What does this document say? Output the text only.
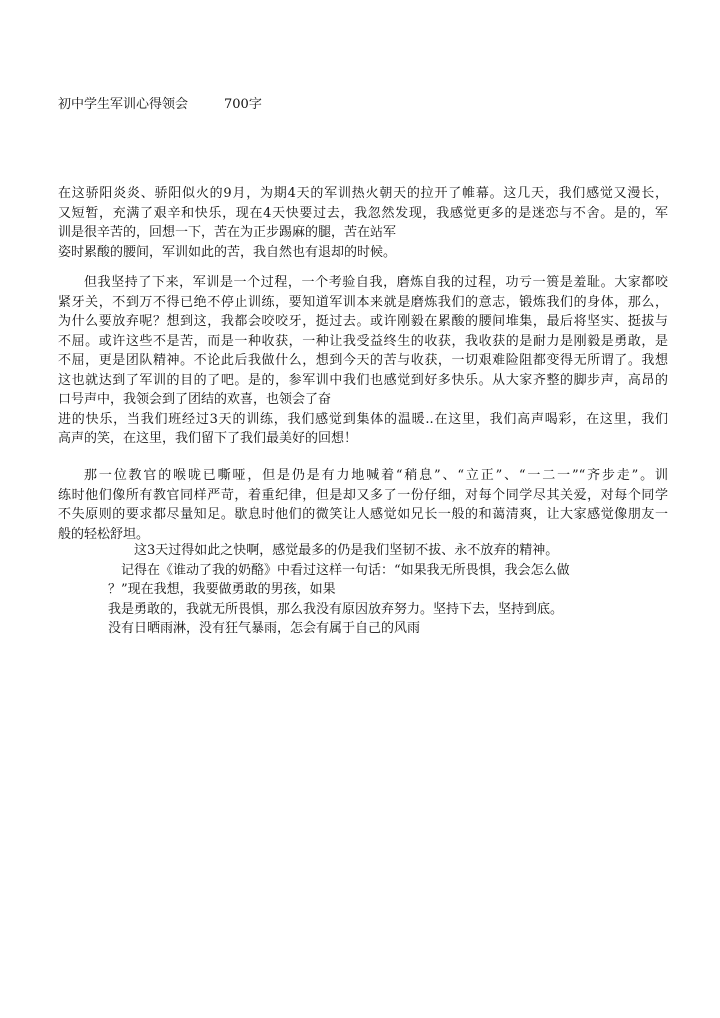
初中学生军训心得领会	700字
在这骄阳炎炎、骄阳似火的9月，为期4天的军训热火朝天的拉开了帷幕。这几天，我们感觉又漫长，
又短暂，充满了艰辛和快乐，现在4天快要过去，我忽然发现，我感觉更多的是迷恋与不舍。是的，军
训是很辛苦的，回想一下，苦在为正步踢麻的腿，苦在站军
姿时累酸的腰间，军训如此的苦，我自然也有退却的时候。
但我坚持了下来，军训是一个过程，一个考验自我，磨炼自我的过程，功亏一篑是羞耻。大家都咬
紧牙关，不到万不得已绝不停止训练，要知道军训本来就是磨炼我们的意志，锻炼我们的身体，那么，
为什么要放弃呢？想到这，我都会咬咬牙，挺过去。或许刚毅在累酸的腰间堆集，最后将坚实、挺拔与
不屈。或许这些不是苦，而是一种收获，一种让我受益终生的收获，我收获的是耐力是刚毅是勇敢，是
不屈，更是团队精神。不论此后我做什么，想到今天的苦与收获，一切艰难险阻都变得无所谓了。我想
这也就达到了军训的目的了吧。是的，参军训中我们也感觉到好多快乐。从大家齐整的脚步声，高昂的
口号声中，我领会到了团结的欢喜，也领会了奋
进的快乐，当我们班经过3天的训练，我们感觉到集体的温暖..在这里，我们高声喝彩，在这里，我们
高声的笑，在这里，我们留下了我们最美好的回想！
那一位教官的喉咙已嘶哑，但是仍是有力地喊着“稍息”、“立正”、“一二一”“齐步走”。训
练时他们像所有教官同样严苛，着重纪律，但是却又多了一份仔细，对每个同学尽其关爱，对每个同学
不失原则的要求都尽量知足。歇息时他们的微笑让人感觉如兄长一般的和蔼清爽，让大家感觉像朋友一
般的轻松舒坦。
　　这3天过得如此之快啊，感觉最多的仍是我们坚韧不拔、永不放弃的精神。
　记得在《谁动了我的奶酪》中看过这样一句话：“如果我无所畏惧，我会怎么做
？”现在我想，我要做勇敢的男孩，如果
我是勇敢的，我就无所畏惧，那么我没有原因放弃努力。坚持下去，坚持到底。
没有日晒雨淋，没有狂气暴雨，怎会有属于自己的风雨
